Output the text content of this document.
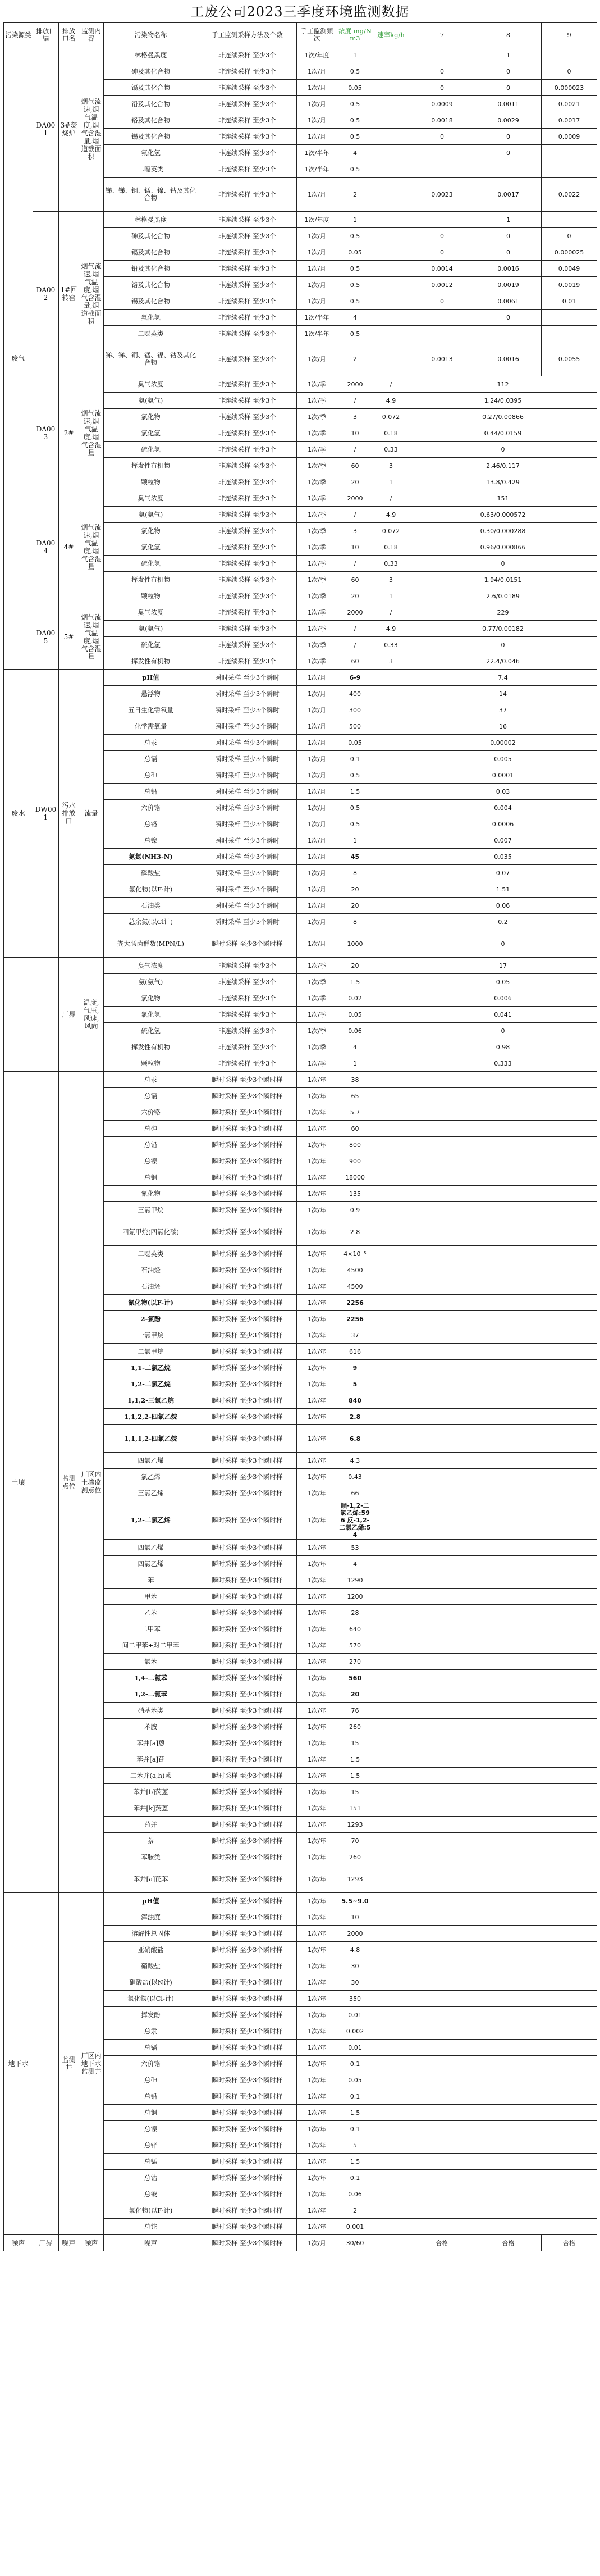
工废公司2023三季度环境监测数据
污染源类	排放口编	排放口名	监测内容	污染物名称	手工监测采样方法及个数	手工监测频次	浓度 mg/Nm3	速率kg/h	7	8	9
废气	DA001	3#焚烧炉	烟气流速,烟气温度,烟气含湿量,烟道截面积	林格曼黑度	非连续采样 至少3个	1次/年度	1			1	
				砷及其化合物	非连续采样 至少3个	1次/月	0.5		0	0	0
				镉及其化合物	非连续采样 至少3个	1次/月	0.05		0	0	0.000023
				铅及其化合物	非连续采样 至少3个	1次/月	0.5		0.0009	0.0011	0.0021
				铬及其化合物	非连续采样 至少3个	1次/月	0.5		0.0018	0.0029	0.0017
				锡及其化合物	非连续采样 至少3个	1次/月	0.5		0	0	0.0009
				氟化氢	非连续采样 至少3个	1次/半年	4			0	
				二噁英类	非连续采样 至少3个	1次/半年	0.5				
				锑、锑、铜、锰、镍、钴及其化合物	非连续采样 至少3个	1次/月	2		0.0023	0.0017	0.0022
	DA002	1#回转窑	烟气流速,烟气温度,烟气含湿量,烟道截面积	林格曼黑度	非连续采样 至少3个	1次/年度	1			1	
				砷及其化合物	非连续采样 至少3个	1次/月	0.5		0	0	0
				镉及其化合物	非连续采样 至少3个	1次/月	0.05		0	0	0.000025
				铅及其化合物	非连续采样 至少3个	1次/月	0.5		0.0014	0.0016	0.0049
				铬及其化合物	非连续采样 至少3个	1次/月	0.5		0.0012	0.0019	0.0019
				锡及其化合物	非连续采样 至少3个	1次/月	0.5		0	0.0061	0.01
				氟化氢	非连续采样 至少3个	1次/半年	4			0	
				二噁英类	非连续采样 至少3个	1次/半年	0.5				
				锑、锑、铜、锰、镍、钴及其化合物	非连续采样 至少3个	1次/月	2		0.0013	0.0016	0.0055
	DA003	2#	烟气流速,烟气温度,烟气含湿量	臭气浓度	非连续采样 至少3个	1次/季	2000	/	112		
				氨(氨气)	非连续采样 至少3个	1次/季	/	4.9	1.24/0.0395		
				氯化物	非连续采样 至少3个	1次/季	3	0.072	0.27/0.00866		
				氯化氢	非连续采样 至少3个	1次/季	10	0.18	0.44/0.0159		
				硫化氢	非连续采样 至少3个	1次/季	/	0.33	0		
				挥发性有机物	非连续采样 至少3个	1次/季	60	3	2.46/0.117		
				颗粒物	非连续采样 至少3个	1次/季	20	1	13.8/0.429		
	DA004	4#	烟气流速,烟气温度,烟气含湿量	臭气浓度	非连续采样 至少3个	1次/季	2000	/	151		
				氨(氨气)	非连续采样 至少3个	1次/季	/	4.9	0.63/0.000572		
				氯化物	非连续采样 至少3个	1次/季	3	0.072	0.30/0.000288		
				氯化氢	非连续采样 至少3个	1次/季	10	0.18	0.96/0.000866		
				硫化氢	非连续采样 至少3个	1次/季	/	0.33	0		
				挥发性有机物	非连续采样 至少3个	1次/季	60	3	1.94/0.0151		
				颗粒物	非连续采样 至少3个	1次/季	20	1	2.6/0.0189		
	DA005	5#	烟气流速,烟气温度,烟气含湿量	臭气浓度	非连续采样 至少3个	1次/季	2000	/	229		
				氨(氨气)	非连续采样 至少3个	1次/季	/	4.9	0.77/0.00182		
				硫化氢	非连续采样 至少3个	1次/季	/	0.33	0		
				挥发性有机物	非连续采样 至少3个	1次/季	60	3	22.4/0.046		
废水	DW001	污水排放口	流量	pH值	瞬时采样 至少3个瞬时	1次/月	6-9		7.4		
				悬浮物	瞬时采样 至少3个瞬时	1次/月	400		14		
				五日生化需氧量	瞬时采样 至少3个瞬时	1次/月	300		37		
				化学需氧量	瞬时采样 至少3个瞬时	1次/月	500		16		
				总汞	瞬时采样 至少3个瞬时	1次/月	0.05		0.00002		
				总镉	瞬时采样 至少3个瞬时	1次/月	0.1		0.005		
				总砷	瞬时采样 至少3个瞬时	1次/月	0.5		0.0001		
				总铅	瞬时采样 至少3个瞬时	1次/月	1.5		0.03		
				六价铬	瞬时采样 至少3个瞬时	1次/月	0.5		0.004		
				总铬	瞬时采样 至少3个瞬时	1次/月	0.5		0.0006		
				总镍	瞬时采样 至少3个瞬时	1次/月	1		0.007		
				氨氮(NH3-N)	瞬时采样 至少3个瞬时	1次/月	45		0.035		
				磷酸盐	瞬时采样 至少3个瞬时	1次/月	8		0.07		
				氟化物(以F-计)	瞬时采样 至少3个瞬时	1次/月	20		1.51		
				石油类	瞬时采样 至少3个瞬时	1次/月	20		0.06		
				总余氯(以Cl计)	瞬时采样 至少3个瞬时	1次/月	8		0.2		
				粪大肠菌群数(MPN/L)	瞬时采样 至少3个瞬时样	1次/月	1000		0		
		厂界	温度,气压,风速,风向	臭气浓度	非连续采样 至少3个	1次/季	20		17		
				氨(氨气)	非连续采样 至少3个	1次/季	1.5		0.05		
				氯化物	非连续采样 至少3个	1次/季	0.02		0.006		
				氯化氢	非连续采样 至少3个	1次/季	0.05		0.041		
				硫化氢	非连续采样 至少3个	1次/季	0.06		0		
				挥发性有机物	非连续采样 至少3个	1次/季	4		0.98		
				颗粒物	非连续采样 至少3个	1次/季	1		0.333		
土壤		监测点位	厂区内土壤监测点位	总汞	瞬时采样 至少3个瞬时样	1次/年	38				
				总镉	瞬时采样 至少3个瞬时样	1次/年	65				
				六价铬	瞬时采样 至少3个瞬时样	1次/年	5.7				
				总砷	瞬时采样 至少3个瞬时样	1次/年	60				
				总铅	瞬时采样 至少3个瞬时样	1次/年	800				
				总镍	瞬时采样 至少3个瞬时样	1次/年	900				
				总铜	瞬时采样 至少3个瞬时样	1次/年	18000				
				氰化物	瞬时采样 至少3个瞬时样	1次/年	135				
				三氯甲烷	瞬时采样 至少3个瞬时样	1次/年	0.9				
				四氯甲烷(四氯化碳)	瞬时采样 至少3个瞬时样	1次/年	2.8				
				二噁英类	瞬时采样 至少3个瞬时样	1次/年	4×10⁻⁵				
				石油烃	瞬时采样 至少3个瞬时样	1次/年	4500				
				石油烃	瞬时采样 至少3个瞬时样	1次/年	4500				
				氰化物(以F-计)	瞬时采样 至少3个瞬时样	1次/年	2256				
				2-氯酚	瞬时采样 至少3个瞬时样	1次/年	2256				
				一氯甲烷	瞬时采样 至少3个瞬时样	1次/年	37				
				二氯甲烷	瞬时采样 至少3个瞬时样	1次/年	616				
				1,1-二氯乙烷	瞬时采样 至少3个瞬时样	1次/年	9				
				1,2-二氯乙烷	瞬时采样 至少3个瞬时样	1次/年	5				
				1,1,2-三氯乙烷	瞬时采样 至少3个瞬时样	1次/年	840				
				1,1,2,2-四氯乙烷	瞬时采样 至少3个瞬时样	1次/年	2.8				
				1,1,1,2-四氯乙烷	瞬时采样 至少3个瞬时样	1次/年	6.8				
				四氯乙烯	瞬时采样 至少3个瞬时样	1次/年	4.3				
				氯乙烯	瞬时采样 至少3个瞬时样	1次/年	0.43				
				三氯乙烯	瞬时采样 至少3个瞬时样	1次/年	66				
				1,2-二氯乙烯	瞬时采样 至少3个瞬时样	1次/年	顺-1,2-二氯乙烯:596 反-1,2-二氯乙烯:54				
				四氯乙烯	瞬时采样 至少3个瞬时样	1次/年	53				
				四氯乙烯	瞬时采样 至少3个瞬时样	1次/年	4				
				苯	瞬时采样 至少3个瞬时样	1次/年	1290				
				甲苯	瞬时采样 至少3个瞬时样	1次/年	1200				
				乙苯	瞬时采样 至少3个瞬时样	1次/年	28				
				二甲苯	瞬时采样 至少3个瞬时样	1次/年	640				
				间二甲苯+对二甲苯	瞬时采样 至少3个瞬时样	1次/年	570				
				氯苯	瞬时采样 至少3个瞬时样	1次/年	270				
				1,4-二氯苯	瞬时采样 至少3个瞬时样	1次/年	560				
				1,2-二氯苯	瞬时采样 至少3个瞬时样	1次/年	20				
				硝基苯类	瞬时采样 至少3个瞬时样	1次/年	76				
				苯胺	瞬时采样 至少3个瞬时样	1次/年	260				
				苯并[a]蒽	瞬时采样 至少3个瞬时样	1次/年	15				
				苯并[a]芘	瞬时采样 至少3个瞬时样	1次/年	1.5				
				二苯并(a,h)蒽	瞬时采样 至少3个瞬时样	1次/年	1.5				
				苯并[b]荧蒽	瞬时采样 至少3个瞬时样	1次/年	15				
				苯并[k]荧蒽	瞬时采样 至少3个瞬时样	1次/年	151				
				茚并	瞬时采样 至少3个瞬时样	1次/年	1293				
				萘	瞬时采样 至少3个瞬时样	1次/年	70				
				苯胺类	瞬时采样 至少3个瞬时样	1次/年	260				
				苯并[a]芘苯	瞬时采样 至少3个瞬时样	1次/年	1293				
地下水		监测井	厂区内地下水监测井	pH值	瞬时采样 至少3个瞬时样	1次/年	5.5~9.0				
				浑浊度	瞬时采样 至少3个瞬时样	1次/年	10				
				溶解性总固体	瞬时采样 至少3个瞬时样	1次/年	2000				
				亚硝酸盐	瞬时采样 至少3个瞬时样	1次/年	4.8				
				硝酸盐	瞬时采样 至少3个瞬时样	1次/年	30				
				硝酸盐(以N计)	瞬时采样 至少3个瞬时样	1次/年	30				
				氯化物(以Cl-计)	瞬时采样 至少3个瞬时样	1次/年	350				
				挥发酚	瞬时采样 至少3个瞬时样	1次/年	0.01				
				总汞	瞬时采样 至少3个瞬时样	1次/年	0.002				
				总镉	瞬时采样 至少3个瞬时样	1次/年	0.01				
				六价铬	瞬时采样 至少3个瞬时样	1次/年	0.1				
				总砷	瞬时采样 至少3个瞬时样	1次/年	0.05				
				总铅	瞬时采样 至少3个瞬时样	1次/年	0.1				
				总铜	瞬时采样 至少3个瞬时样	1次/年	1.5				
				总镍	瞬时采样 至少3个瞬时样	1次/年	0.1				
				总锌	瞬时采样 至少3个瞬时样	1次/年	5				
				总锰	瞬时采样 至少3个瞬时样	1次/年	1.5				
				总钴	瞬时采样 至少3个瞬时样	1次/年	0.1				
				总铍	瞬时采样 至少3个瞬时样	1次/年	0.06				
				氟化物(以F-计)	瞬时采样 至少3个瞬时样	1次/年	2				
				总铊	瞬时采样 至少3个瞬时样	1次/年	0.001				
噪声	厂界	噪声	噪声	噪声	瞬时采样 至少3个瞬时样	1次/月	30/60		合格	合格	合格
